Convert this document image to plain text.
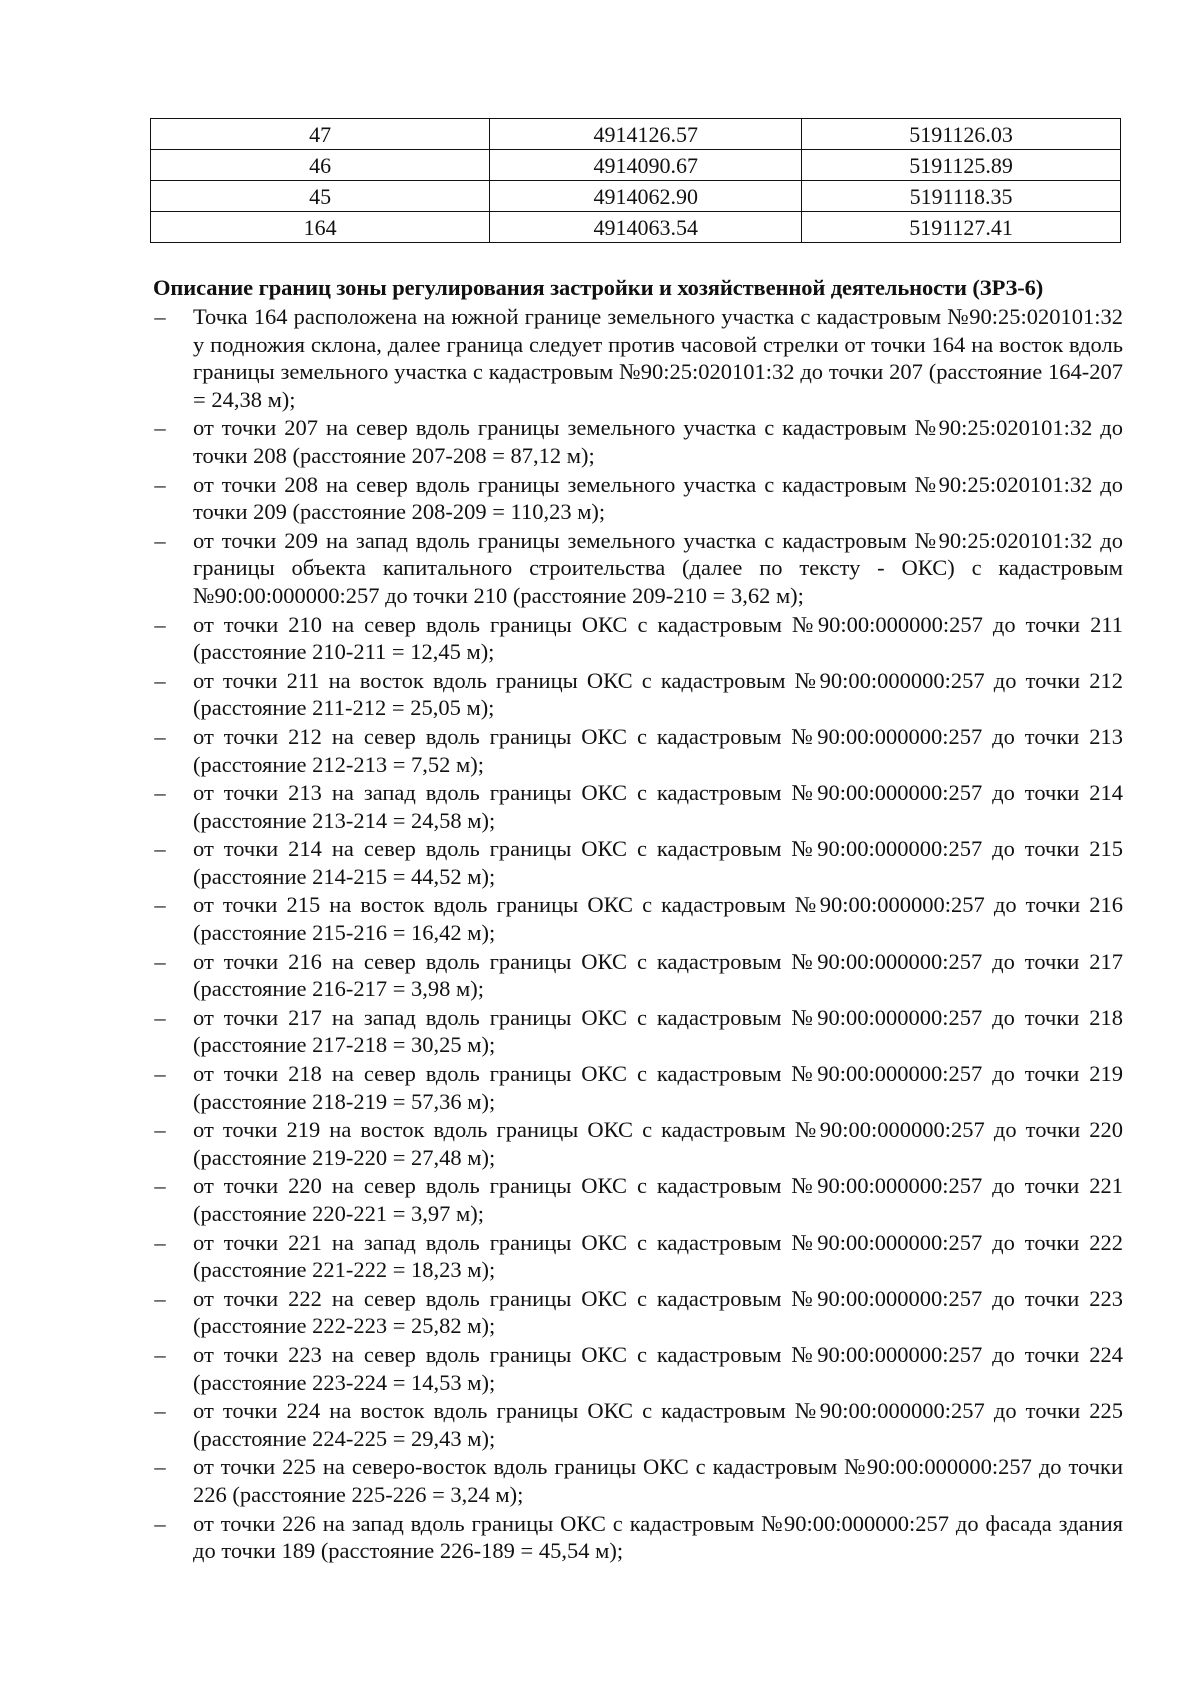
47	4914126.57	5191126.03
46	4914090.67	5191125.89
45	4914062.90	5191118.35
164	4914063.54	5191127.41
Описание границ зоны регулирования застройки и хозяйственной деятельности (ЗРЗ-6)
– Точка 164 расположена на южной границе земельного участка с кадастровым №90:25:020101:32 у подножия склона, далее граница следует против часовой стрелки от точки 164 на восток вдоль границы земельного участка с кадастровым №90:25:020101:32 до точки 207 (расстояние 164-207 = 24,38 м);
– от точки 207 на север вдоль границы земельного участка с кадастровым №90:25:020101:32 до точки 208 (расстояние 207-208 = 87,12 м);
– от точки 208 на север вдоль границы земельного участка с кадастровым №90:25:020101:32 до точки 209 (расстояние 208-209 = 110,23 м);
– от точки 209 на запад вдоль границы земельного участка с кадастровым №90:25:020101:32 до границы объекта капитального строительства (далее по тексту - ОКС) с кадастровым №90:00:000000:257 до точки 210 (расстояние 209-210 = 3,62 м);
– от точки 210 на север вдоль границы ОКС с кадастровым №90:00:000000:257 до точки 211 (расстояние 210-211 = 12,45 м);
– от точки 211 на восток вдоль границы ОКС с кадастровым №90:00:000000:257 до точки 212 (расстояние 211-212 = 25,05 м);
– от точки 212 на север вдоль границы ОКС с кадастровым №90:00:000000:257 до точки 213 (расстояние 212-213 = 7,52 м);
– от точки 213 на запад вдоль границы ОКС с кадастровым №90:00:000000:257 до точки 214 (расстояние 213-214 = 24,58 м);
– от точки 214 на север вдоль границы ОКС с кадастровым №90:00:000000:257 до точки 215 (расстояние 214-215 = 44,52 м);
– от точки 215 на восток вдоль границы ОКС с кадастровым №90:00:000000:257 до точки 216 (расстояние 215-216 = 16,42 м);
– от точки 216 на север вдоль границы ОКС с кадастровым №90:00:000000:257 до точки 217 (расстояние 216-217 = 3,98 м);
– от точки 217 на запад вдоль границы ОКС с кадастровым №90:00:000000:257 до точки 218 (расстояние 217-218 = 30,25 м);
– от точки 218 на север вдоль границы ОКС с кадастровым №90:00:000000:257 до точки 219 (расстояние 218-219 = 57,36 м);
– от точки 219 на восток вдоль границы ОКС с кадастровым №90:00:000000:257 до точки 220 (расстояние 219-220 = 27,48 м);
– от точки 220 на север вдоль границы ОКС с кадастровым №90:00:000000:257 до точки 221 (расстояние 220-221 = 3,97 м);
– от точки 221 на запад вдоль границы ОКС с кадастровым №90:00:000000:257 до точки 222 (расстояние 221-222 = 18,23 м);
– от точки 222 на север вдоль границы ОКС с кадастровым №90:00:000000:257 до точки 223 (расстояние 222-223 = 25,82 м);
– от точки 223 на север вдоль границы ОКС с кадастровым №90:00:000000:257 до точки 224 (расстояние 223-224 = 14,53 м);
– от точки 224 на восток вдоль границы ОКС с кадастровым №90:00:000000:257 до точки 225 (расстояние 224-225 = 29,43 м);
– от точки 225 на северо-восток вдоль границы ОКС с кадастровым №90:00:000000:257 до точки 226 (расстояние 225-226 = 3,24 м);
– от точки 226 на запад вдоль границы ОКС с кадастровым №90:00:000000:257 до фасада здания до точки 189 (расстояние 226-189 = 45,54 м);
